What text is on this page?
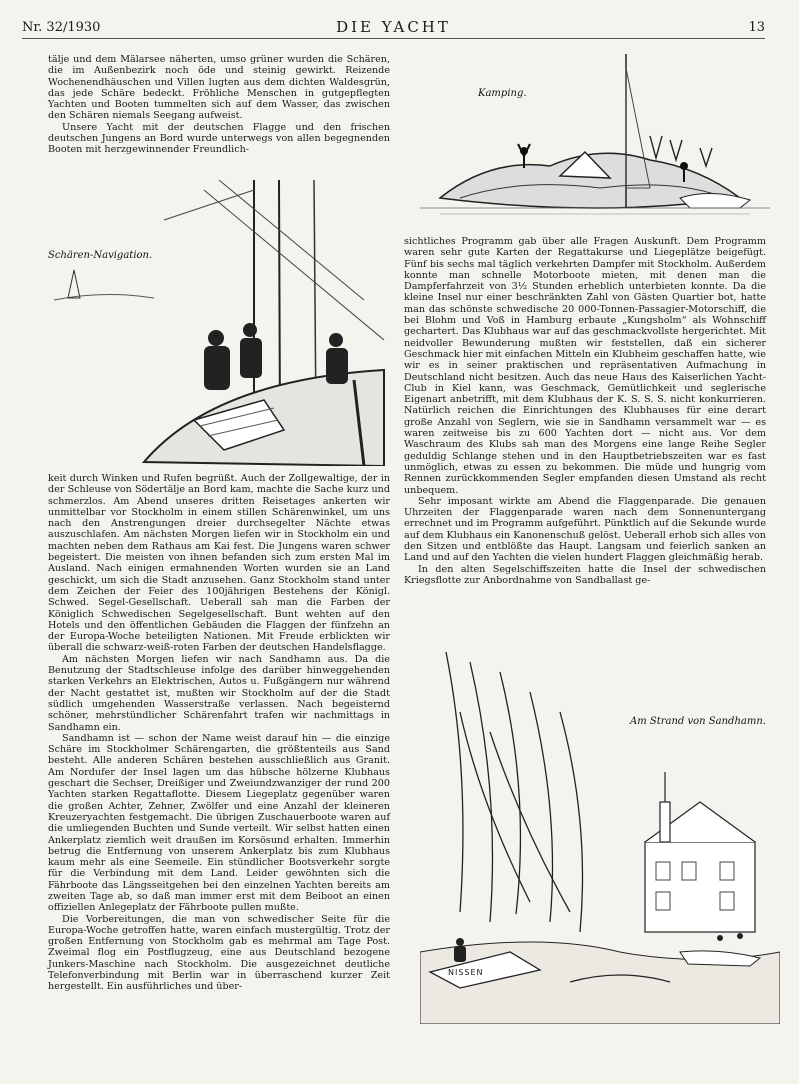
Nr. 32/1930	DIE YACHT	13

tälje und dem Mälarsee näherten, umso grüner wurden die Schären, die im Außenbezirk noch öde und steinig gewirkt. Reizende Wochenendhäuschen und Villen lugten aus dem dichten Waldesgrün, das jede Schäre bedeckt. Fröhliche Menschen in gutgepflegten Yachten und Booten tummelten sich auf dem Wasser, das zwischen den Schären niemals Seegang aufweist.

Unsere Yacht mit der deutschen Flagge und den frischen deutschen Jungens an Bord wurde unterwegs von allen begegnenden Booten mit herzgewinnender Freundlich-

Kamping.
Schären-Navigation.

keit durch Winken und Rufen begrüßt. Auch der Zollgewaltige, der in der Schleuse von Södertälje an Bord kam, machte die Sache kurz und schmerzlos. Am Abend unseres dritten Reisetages ankerten wir unmittelbar vor Stockholm in einem stillen Schärenwinkel, um uns nach den Anstrengungen dreier durchsegelter Nächte etwas auszuschlafen. Am nächsten Morgen liefen wir in Stockholm ein und machten neben dem Rathaus am Kai fest. Die Jungens waren schwer begeistert. Die meisten von ihnen befanden sich zum ersten Mal im Ausland. Nach einigen ermahnenden Worten wurden sie an Land geschickt, um sich die Stadt anzusehen. Ganz Stockholm stand unter dem Zeichen der Feier des 100jährigen Bestehens der Königl. Schwed. Segel-Gesellschaft. Ueberall sah man die Farben der Königlich Schwedischen Segelgesellschaft. Bunt wehten auf den Hotels und den öffentlichen Gebäuden die Flaggen der fünfzehn an der Europa-Woche beteiligten Nationen. Mit Freude erblickten wir überall die schwarz-weiß-roten Farben der deutschen Handelsflagge.

Am nächsten Morgen liefen wir nach Sandhamn aus. Da die Benutzung der Stadtschleuse infolge des darüber hinweggehenden starken Verkehrs an Elektrischen, Autos u. Fußgängern nur während der Nacht gestattet ist, mußten wir Stockholm auf der die Stadt südlich umgehenden Wasserstraße verlassen. Nach begeisternd schöner, mehrstündlicher Schärenfahrt trafen wir nachmittags in Sandhamn ein.

Sandhamn ist — schon der Name weist darauf hin — die einzige Schäre im Stockholmer Schärengarten, die größtenteils aus Sand besteht. Alle anderen Schären bestehen ausschließlich aus Granit. Am Nordufer der Insel lagen um das hübsche hölzerne Klubhaus geschart die Sechser, Dreißiger und Zweiundzwanziger der rund 200 Yachten starken Regattaflotte. Diesem Liegeplatz gegenüber waren die großen Achter, Zehner, Zwölfer und eine Anzahl der kleineren Kreuzeryachten festgemacht. Die übrigen Zuschauerboote waren auf die umliegenden Buchten und Sunde verteilt. Wir selbst hatten einen Ankerplatz ziemlich weit draußen im Korsösund erhalten. Immerhin betrug die Entfernung von unserem Ankerplatz bis zum Klubhaus kaum mehr als eine Seemeile. Ein stündlicher Bootsverkehr sorgte für die Verbindung mit dem Land. Leider gewöhnten sich die Fährboote das Längsseitgehen bei den einzelnen Yachten bereits am zweiten Tage ab, so daß man immer erst mit dem Beiboot an einen offiziellen Anlegeplatz der Fährboote pullen mußte.

Die Vorbereitungen, die man von schwedischer Seite für die Europa-Woche getroffen hatte, waren einfach mustergültig. Trotz der großen Entfernung von Stockholm gab es mehrmal am Tage Post. Zweimal flog ein Postflugzeug, eine aus Deutschland bezogene Junkers-Maschine nach Stockholm. Die ausgezeichnet deutliche Telefonverbindung mit Berlin war in überraschend kurzer Zeit hergestellt. Ein ausführliches und über-

sichtliches Programm gab über alle Fragen Auskunft. Dem Programm waren sehr gute Karten der Regattakurse und Liegeplätze beigefügt. Fünf bis sechs mal täglich verkehrten Dampfer mit Stockholm. Außerdem konnte man schnelle Motorboote mieten, mit denen man die Dampferfahrzeit von 3½ Stunden erheblich unterbieten konnte. Da die kleine Insel nur einer beschränkten Zahl von Gästen Quartier bot, hatte man das schönste schwedische 20 000-Tonnen-Passagier-Motorschiff, die bei Blohm und Voß in Hamburg erbaute „Kungsholm“ als Wohnschiff gechartert. Das Klubhaus war auf das geschmackvollste hergerichtet. Mit neidvoller Bewunderung mußten wir feststellen, daß ein sicherer Geschmack hier mit einfachen Mitteln ein Klubheim geschaffen hatte, wie wir es in seiner praktischen und repräsentativen Aufmachung in Deutschland nicht besitzen. Auch das neue Haus des Kaiserlichen Yacht-Club in Kiel kann, was Geschmack, Gemütlichkeit und seglerische Eigenart anbetrifft, mit dem Klubhaus der K. S. S. S. nicht konkurrieren. Natürlich reichen die Einrichtungen des Klubhauses für eine derart große Anzahl von Seglern, wie sie in Sandhamn versammelt war — es waren zeitweise bis zu 600 Yachten dort — nicht aus. Vor dem Waschraum des Klubs sah man des Morgens eine lange Reihe Segler geduldig Schlange stehen und in den Hauptbetriebszeiten war es fast unmöglich, etwas zu essen zu bekommen. Die müde und hungrig vom Rennen zurückkommenden Segler empfanden diesen Umstand als recht unbequem.

Sehr imposant wirkte am Abend die Flaggenparade. Die genauen Uhrzeiten der Flaggenparade waren nach dem Sonnenuntergang errechnet und im Programm aufgeführt. Pünktlich auf die Sekunde wurde auf dem Klubhaus ein Kanonenschuß gelöst. Ueberall erhob sich alles von den Sitzen und entblößte das Haupt. Langsam und feierlich sanken an Land und auf den Yachten die vielen hundert Flaggen gleichmäßig herab.

In den alten Segelschiffszeiten hatte die Insel der schwedischen Kriegsflotte zur Anbordnahme von Sandballast ge-

Am Strand von Sandhamn.
NISSEN
